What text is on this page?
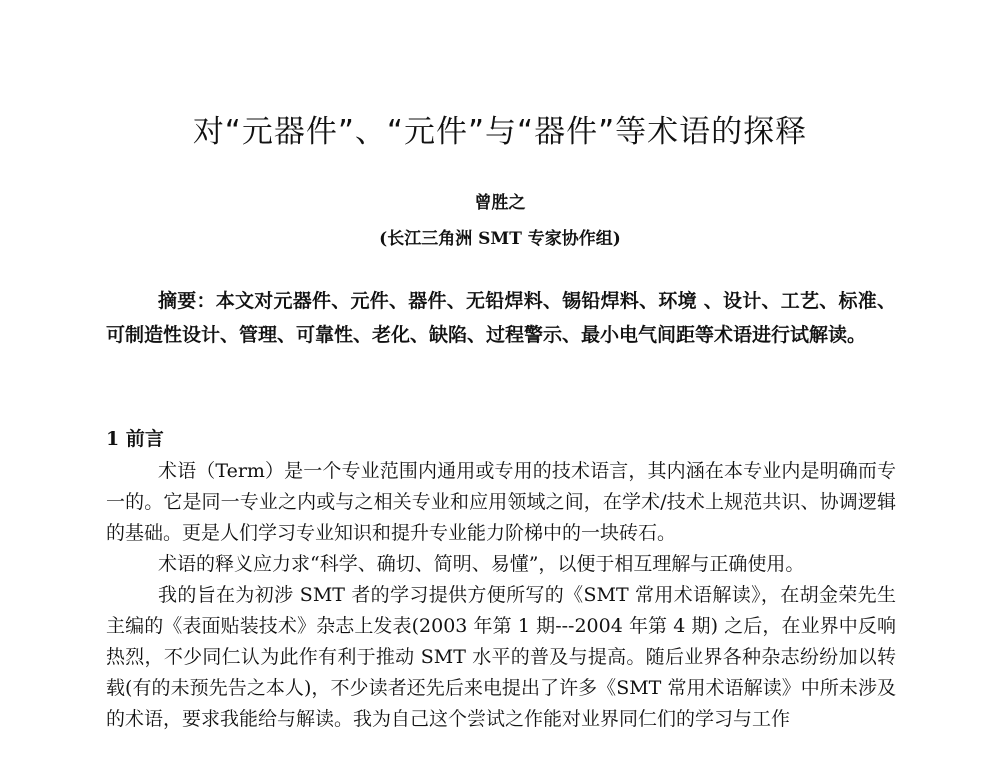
对“元器件”、“元件”与“器件”等术语的探释
曾胜之
(长江三角洲 SMT 专家协作组)

摘要：本文对元器件、元件、器件、无铅焊料、锡铅焊料、环境 、设计、工艺、标准、可制造性设计、管理、可靠性、老化、缺陷、过程警示、最小电气间距等术语进行试解读。

1 前言

术语（Term）是一个专业范围内通用或专用的技术语言，其内涵在本专业内是明确而专一的。它是同一专业之内或与之相关专业和应用领域之间，在学术/技术上规范共识、协调逻辑的基础。更是人们学习专业知识和提升专业能力阶梯中的一块砖石。

术语的释义应力求“科学、确切、简明、易懂”，以便于相互理解与正确使用。

我的旨在为初涉 SMT 者的学习提供方便所写的《SMT 常用术语解读》，在胡金荣先生主编的《表面贴装技术》杂志上发表(2003 年第 1 期---2004 年第 4 期) 之后，在业界中反响热烈，不少同仁认为此作有利于推动 SMT 水平的普及与提高。随后业界各种杂志纷纷加以转载(有的未预先告之本人)，不少读者还先后来电提出了许多《SMT 常用术语解读》中所未涉及的术语，要求我能给与解读。我为自己这个尝试之作能对业界同仁们的学习与工作
